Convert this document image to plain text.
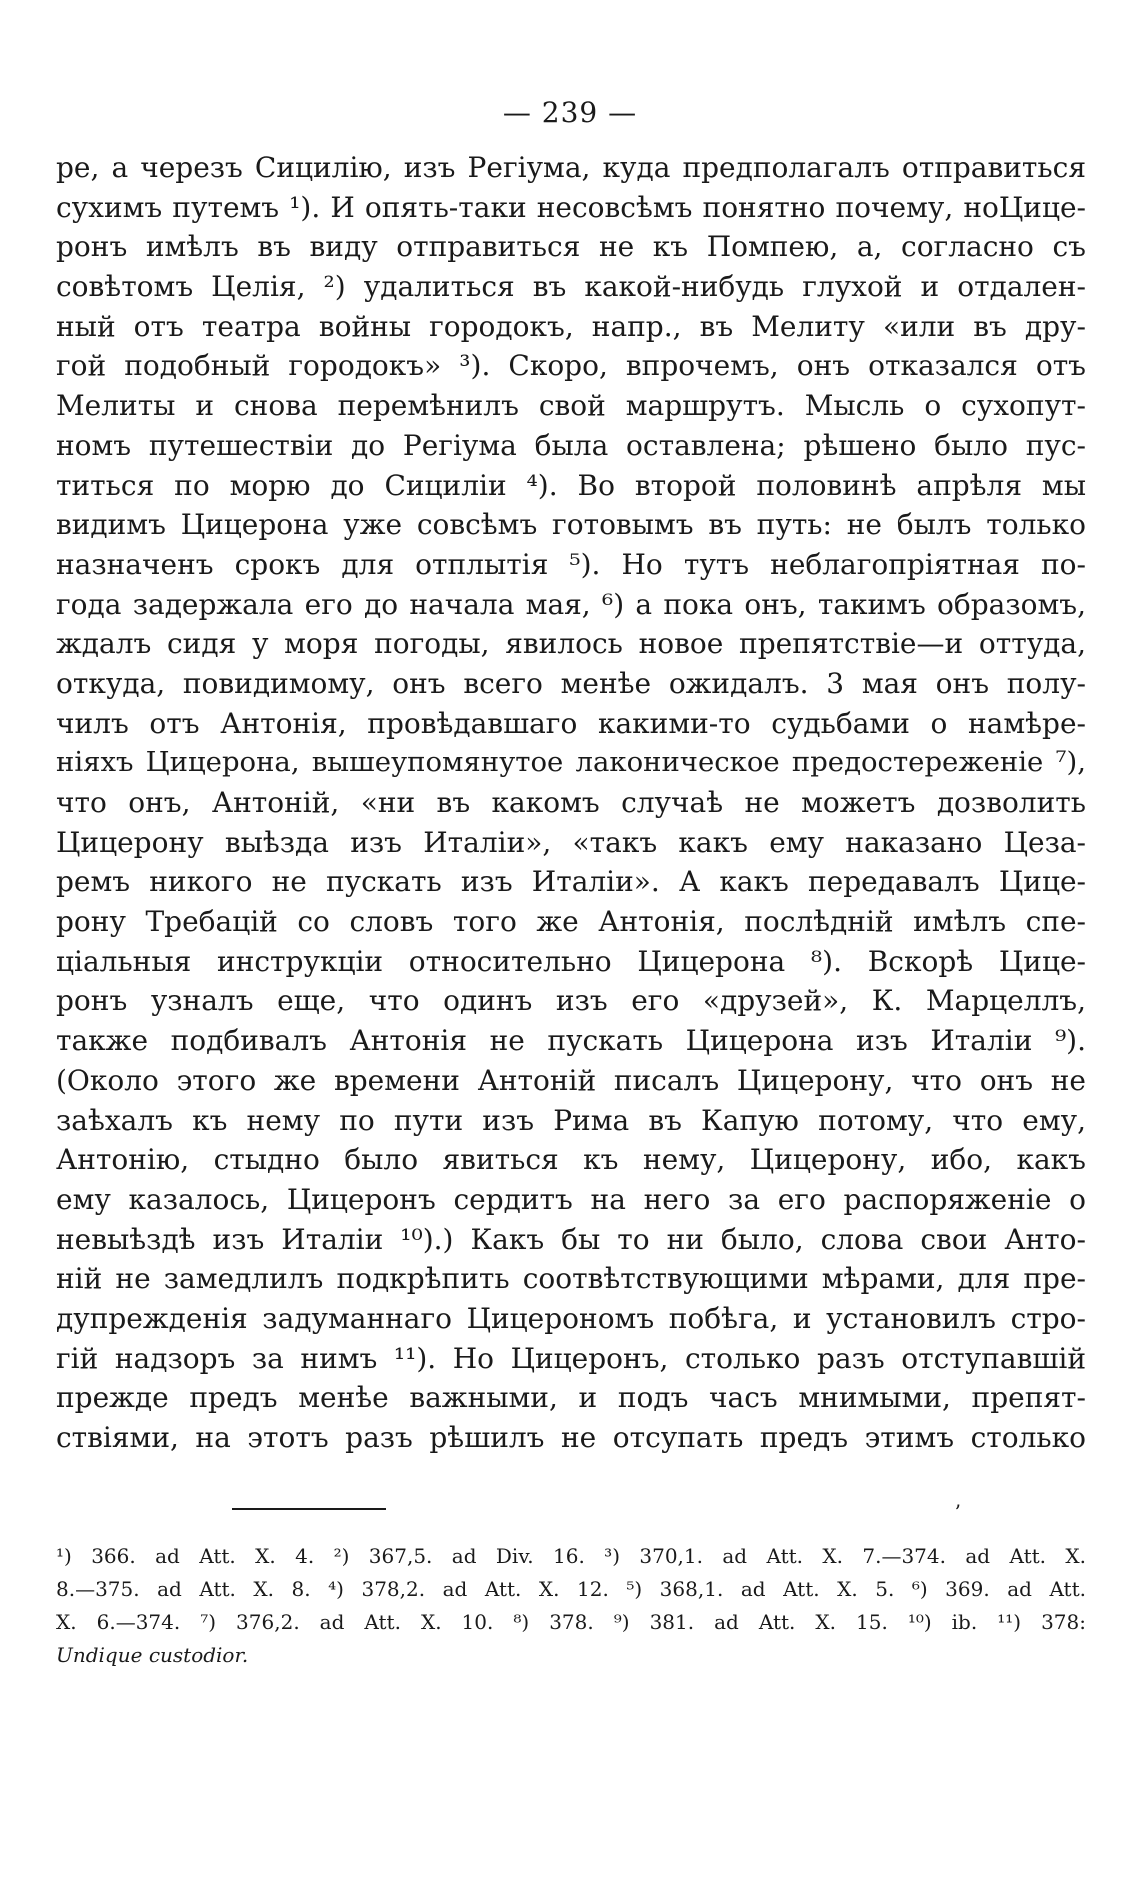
— 239 —
ре, а черезъ Сицилію, изъ Регіума, куда предполагалъ отправиться
сухимъ путемъ ¹). И опять-таки несовсѣмъ понятно почему, ноЦице-
ронъ имѣлъ въ виду отправиться не къ Помпею, а, согласно съ
совѣтомъ Целія, ²) удалиться въ какой-нибудь глухой и отдален-
ный отъ театра войны городокъ, напр., въ Мелиту «или въ дру-
гой подобный городокъ» ³). Скоро, впрочемъ, онъ отказался отъ
Мелиты и снова перемѣнилъ свой маршрутъ. Мысль о сухопут-
номъ путешествіи до Регіума была оставлена; рѣшено было пус-
титься по морю до Сициліи ⁴). Во второй половинѣ апрѣля мы
видимъ Цицерона уже совсѣмъ готовымъ въ путь: не былъ только
назначенъ срокъ для отплытія ⁵). Но тутъ неблагопріятная по-
года задержала его до начала мая, ⁶) а пока онъ, такимъ образомъ,
ждалъ сидя у моря погоды, явилось новое препятствіе—и оттуда,
откуда, повидимому, онъ всего менѣе ожидалъ. 3 мая онъ полу-
чилъ отъ Антонія, провѣдавшаго какими-то судьбами о намѣре-
ніяхъ Цицерона, вышеупомянутое лаконическое предостереженіе ⁷),
что онъ, Антоній, «ни въ какомъ случаѣ не можетъ дозволить
Цицерону выѣзда изъ Италіи», «такъ какъ ему наказано Цеза-
ремъ никого не пускать изъ Италіи». А какъ передавалъ Цице-
рону Требацій со словъ того же Антонія, послѣдній имѣлъ спе-
ціальныя инструкціи относительно Цицерона ⁸). Вскорѣ Цице-
ронъ узналъ еще, что одинъ изъ его «друзей», К. Марцеллъ,
также подбивалъ Антонія не пускать Цицерона изъ Италіи ⁹).
(Около этого же времени Антоній писалъ Цицерону, что онъ не
заѣхалъ къ нему по пути изъ Рима въ Капую потому, что ему,
Антонію, стыдно было явиться къ нему, Цицерону, ибо, какъ
ему казалось, Цицеронъ сердитъ на него за его распоряженіе о
невыѣздѣ изъ Италіи ¹⁰).) Какъ бы то ни было, слова свои Анто-
ній не замедлилъ подкрѣпить соотвѣтствующими мѣрами, для пре-
дупрежденія задуманнаго Цицерономъ побѣга, и установилъ стро-
гій надзоръ за нимъ ¹¹). Но Цицеронъ, столько разъ отступавшій
прежде предъ менѣе важными, и подъ часъ мнимыми, препят-
ствіями, на этотъ разъ рѣшилъ не отсупать предъ этимъ столько
ʼ
¹) 366. ad Att. X. 4. ²) 367,5. ad Div. 16. ³) 370,1. ad Att. X. 7.—374. ad Att. X.
8.—375. ad Att. X. 8. ⁴) 378,2. ad Att. X. 12. ⁵) 368,1. ad Att. X. 5. ⁶) 369. ad Att.
X. 6.—374. ⁷) 376,2. ad Att. X. 10. ⁸) 378. ⁹) 381. ad Att. X. 15. ¹⁰) ib. ¹¹) 378:
Undique custodior.
